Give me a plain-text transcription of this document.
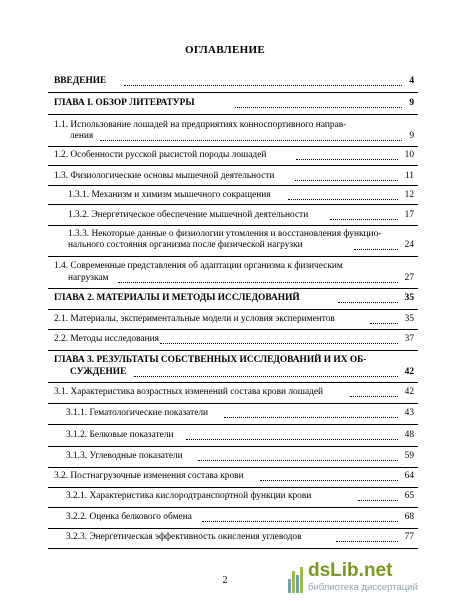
ОГЛАВЛЕНИЕ
ВВЕДЕНИЕ	4
ГЛАВА I. ОБЗОР ЛИТЕРАТУРЫ	9
1.1. Использование лошадей на предприятиях конноспортивного направ-
ления	9
1.2. Особенности русской рысистой породы лошадей	10
1.3. Физиологические основы мышечной деятельности	11
1.3.1. Механизм и химизм мышечного сокращения	12
1.3.2. Энергетическое обеспечение мышечной деятельности	17
1.3.3. Некоторые данные о физиологии утомления и восстановления функцио-
нального состояния организма после физической нагрузки	24
1.4. Современные представления об адаптации организма к физическим
нагрузкам	27
ГЛАВА 2. МАТЕРИАЛЫ И МЕТОДЫ ИССЛЕДОВАНИЙ	35
2.1. Материалы, экспериментальные модели и условия экспериментов	35
2.2. Методы исследования	37
ГЛАВА 3. РЕЗУЛЬТАТЫ СОБСТВЕННЫХ ИССЛЕДОВАНИЙ И ИХ ОБ-
СУЖДЕНИЕ	42
3.1. Характеристика возрастных изменений состава крови лошадей	42
3.1.1. Гематологические показатели	43
3.1.2. Белковые показатели	48
3.1.3. Углеводные показатели	59
3.2. Постнагрузочные изменения состава крови	64
3.2.1. Характеристика кислородтранспортной функции крови	65
3.2.2. Оценка белкового обмена	68
3.2.3. Энергетическая эффективность окисления углеводов	77
2	dsLib.net
библиотека диссертаций
